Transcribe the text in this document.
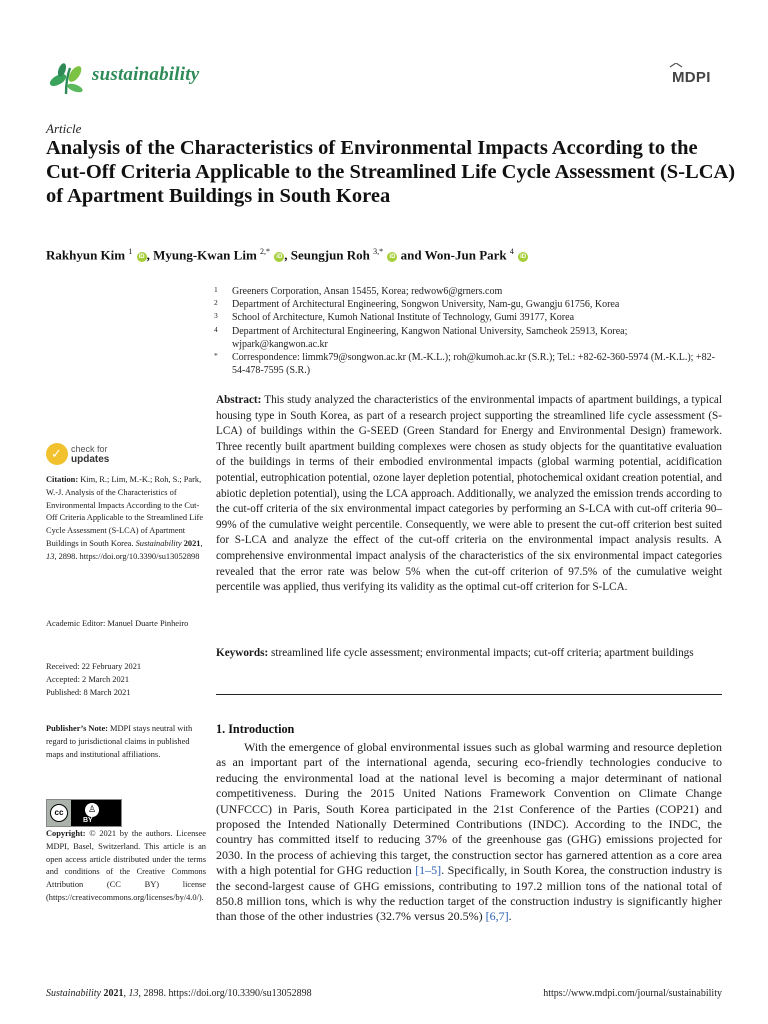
sustainability	MDPI
Article
Analysis of the Characteristics of Environmental Impacts According to the Cut-Off Criteria Applicable to the Streamlined Life Cycle Assessment (S-LCA) of Apartment Buildings in South Korea
Rakhyun Kim $^1$ iD , Myung-Kwan Lim $^{2,*}$ iD , Seungjun Roh $^{3,*}$ iD and Won-Jun Park $^4$ iD
1	Greeners Corporation, Ansan 15455, Korea; redwow6@grners.com
2	Department of Architectural Engineering, Songwon University, Nam-gu, Gwangju 61756, Korea
3	School of Architecture, Kumoh National Institute of Technology, Gumi 39177, Korea
4	Department of Architectural Engineering, Kangwon National University, Samcheok 25913, Korea; wjpark@kangwon.ac.kr
*	Correspondence: limmk79@songwon.ac.kr (M.-K.L.); roh@kumoh.ac.kr (S.R.); Tel.: +82-62-360-5974 (M.-K.L.); +82-54-478-7595 (S.R.)
Abstract: This study analyzed the characteristics of the environmental impacts of apartment buildings, a typical housing type in South Korea, as part of a research project supporting the streamlined life cycle assessment (S-LCA) of buildings within the G-SEED (Green Standard for Energy and Environmental Design) framework. Three recently built apartment building complexes were chosen as study objects for the quantitative evaluation of the buildings in terms of their embodied environmental impacts (global warming potential, acidification potential, eutrophication potential, ozone layer depletion potential, photochemical oxidant creation potential, and abiotic depletion potential), using the LCA approach. Additionally, we analyzed the emission trends according to the cut-off criteria of the six environmental impact categories by performing an S-LCA with cut-off criteria 90–99% of the cumulative weight percentile. Consequently, we were able to present the cut-off criterion best suited for S-LCA and analyze the effect of the cut-off criteria on the environmental impact analysis results. A comprehensive environmental impact analysis of the characteristics of the six environmental impact categories revealed that the error rate was below 5% when the cut-off criterion of 97.5% of the cumulative weight percentile was applied, thus verifying its validity as the optimal cut-off criterion for S-LCA.
Keywords: streamlined life cycle assessment; environmental impacts; cut-off criteria; apartment buildings
1. Introduction
With the emergence of global environmental issues such as global warming and resource depletion as an important part of the international agenda, securing eco-friendly technologies conducive to reducing the environmental load at the national level is becoming a major determinant of national competitiveness. During the 2015 United Nations Framework Convention on Climate Change (UNFCCC) in Paris, South Korea participated in the 21st Conference of the Parties (COP21) and proposed the Intended Nationally Determined Contributions (INDC). According to the INDC, the country has committed itself to reducing 37% of the greenhouse gas (GHG) emissions projected for 2030. In the process of achieving this target, the construction sector has garnered attention as a core area with a high potential for GHG reduction [1–5]. Specifically, in South Korea, the construction industry is the second-largest cause of GHG emissions, contributing to 197.2 million tons of the national total of 850.8 million tons, which is why the reduction target of the construction industry is significantly higher than those of the other industries (32.7% versus 20.5%) [6,7].
✓ check for
updates
Citation: Kim, R.; Lim, M.-K.; Roh, S.; Park, W.-J. Analysis of the Characteristics of Environmental Impacts According to the Cut-Off Criteria Applicable to the Streamlined Life Cycle Assessment (S-LCA) of Apartment Buildings in South Korea. Sustainability 2021, 13, 2898. https://doi.org/10.3390/su13052898
Academic Editor: Manuel Duarte Pinheiro
Received: 22 February 2021
Accepted: 2 March 2021
Published: 8 March 2021
Publisher’s Note: MDPI stays neutral with regard to jurisdictional claims in published maps and institutional affiliations.
cc	♙
BY
Copyright: © 2021 by the authors. Licensee MDPI, Basel, Switzerland. This article is an open access article distributed under the terms and conditions of the Creative Commons Attribution (CC BY) license (https://creativecommons.org/licenses/by/4.0/).
Sustainability 2021, 13, 2898. https://doi.org/10.3390/su13052898	https://www.mdpi.com/journal/sustainability
